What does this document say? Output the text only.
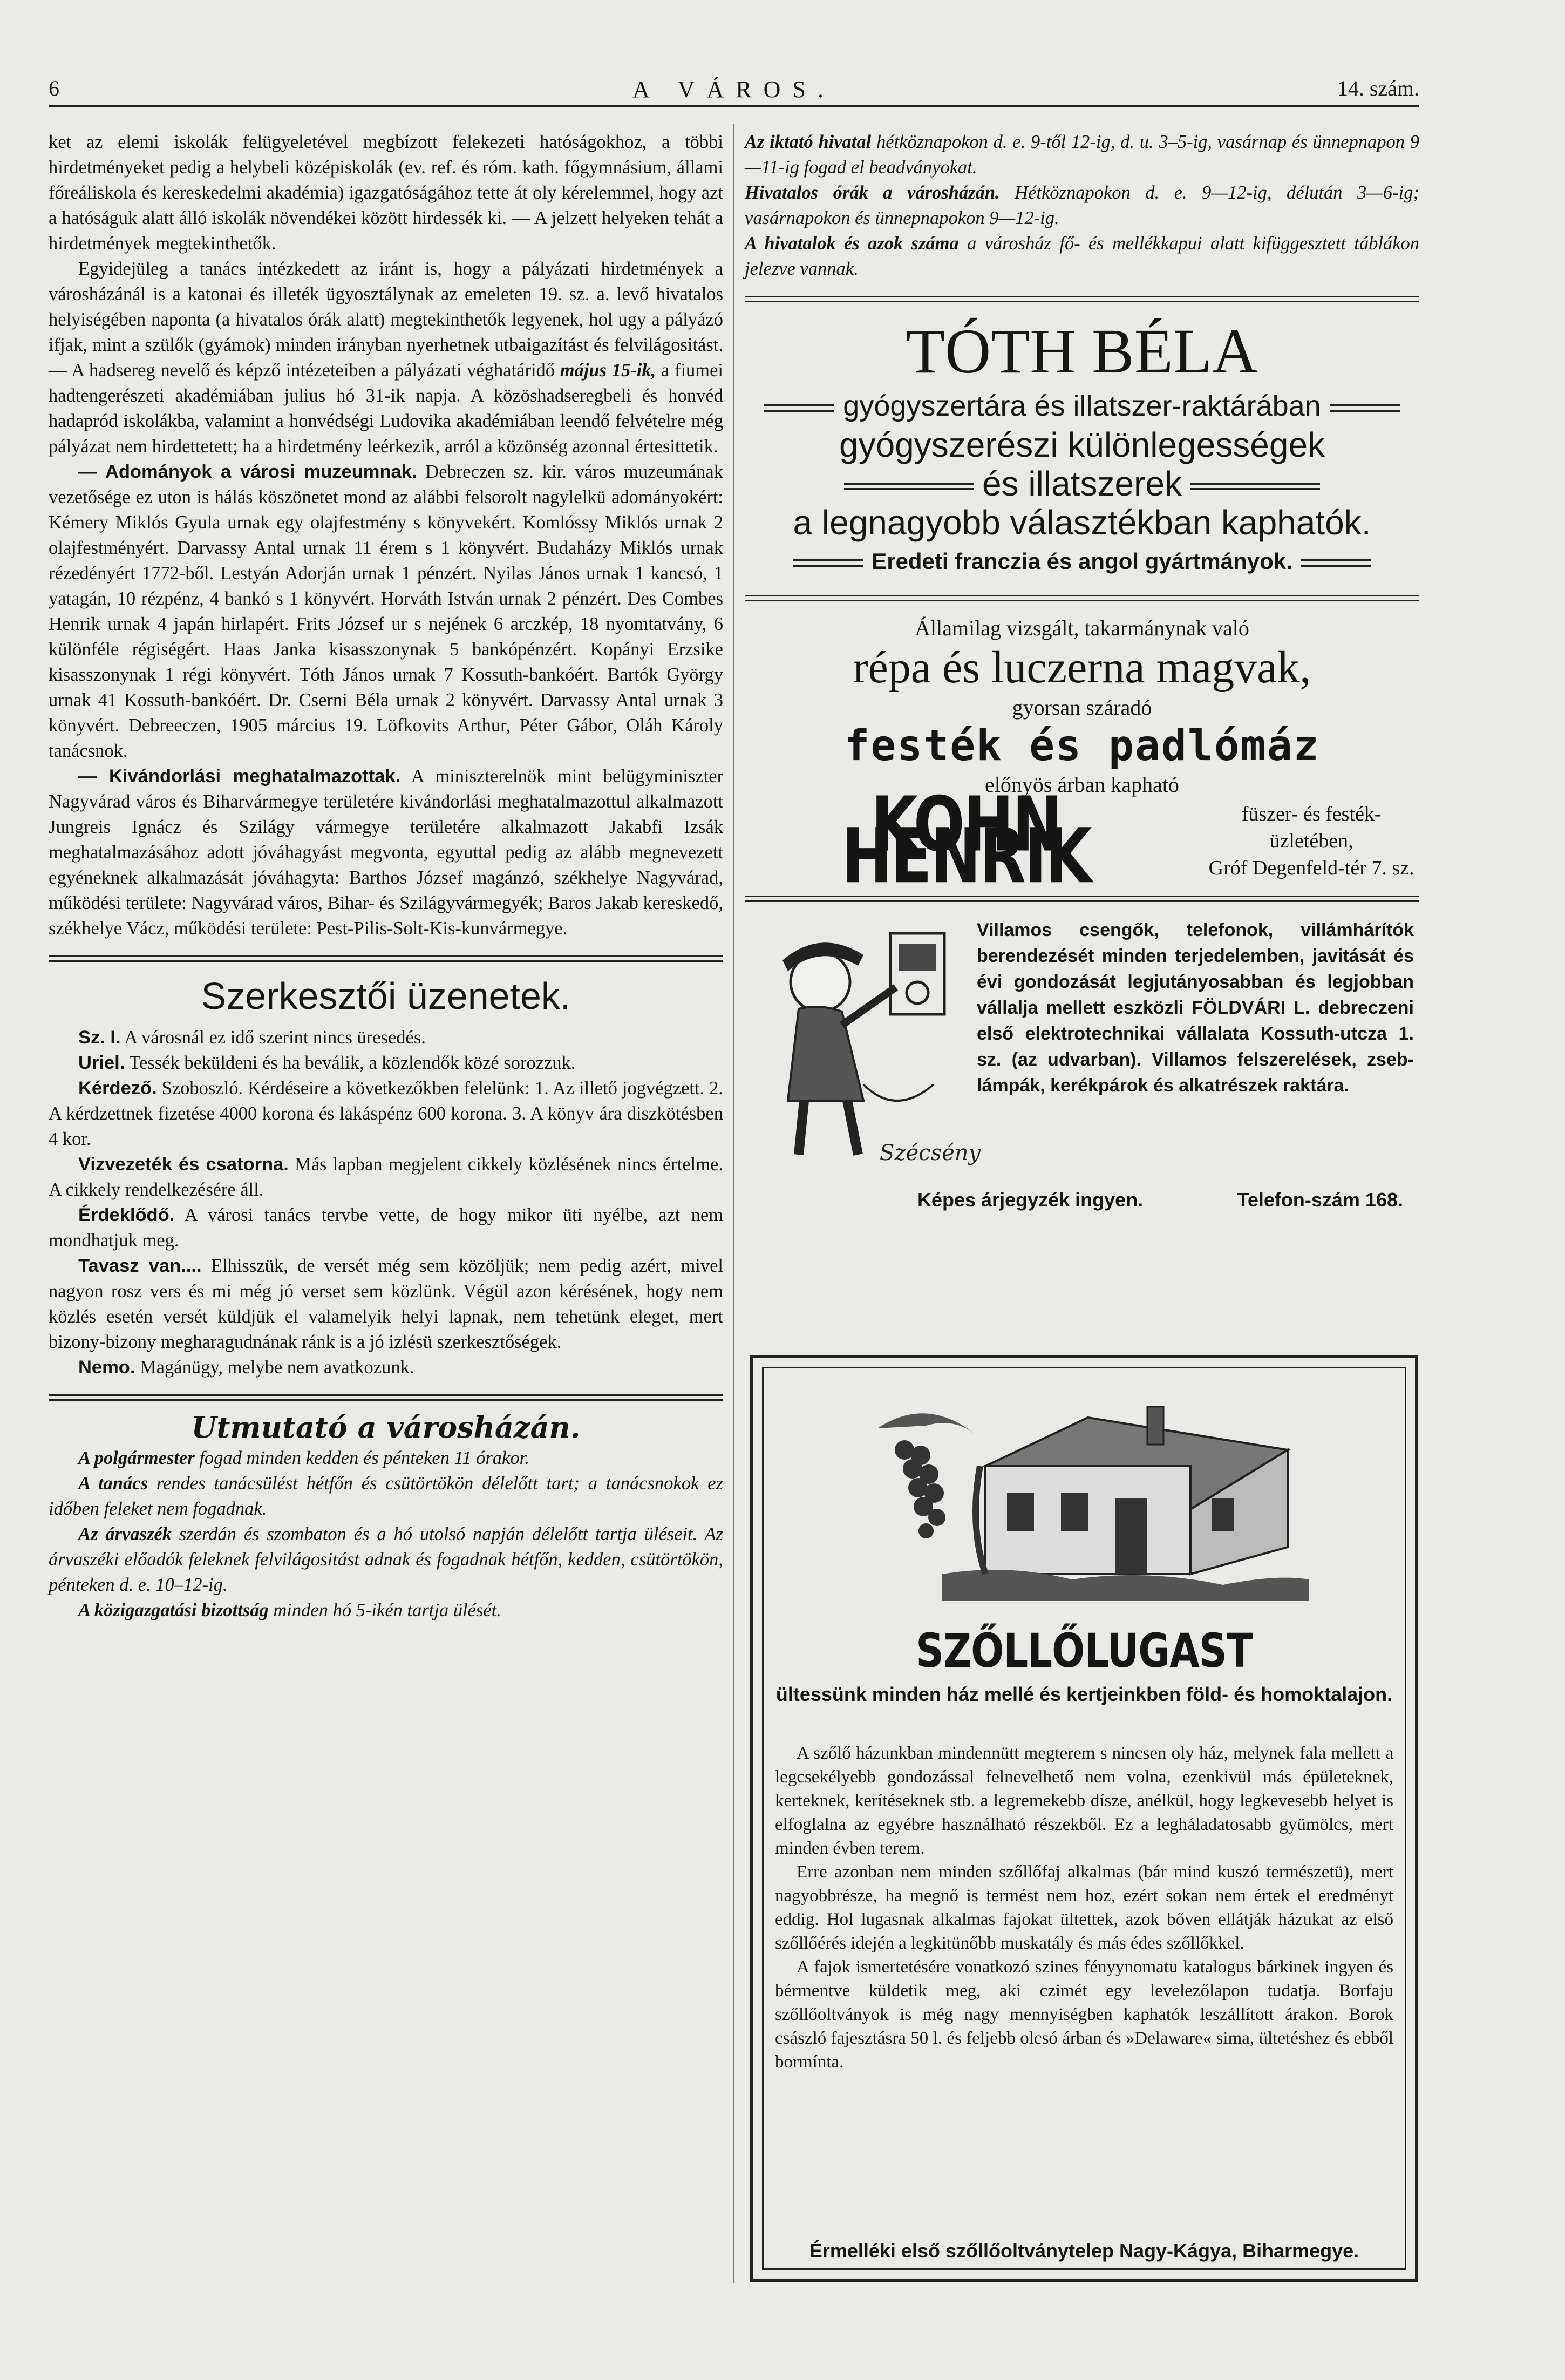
6	A VÁROS.	14. szám.

ket az elemi iskolák felügyeletével megbízott felekezeti hatóságokhoz, a többi hirdetményeket pedig a helybeli középiskolák (ev. ref. és róm. kath. főgymnásium, állami főreáliskola és kereskedelmi akadémia) igazgatóságához tette át oly kérelemmel, hogy azt a hatóságuk alatt álló iskolák növendékei között hirdessék ki. — A jelzett helyeken tehát a hirdetmények megtekinthetők.

Egyidejüleg a tanács intézkedett az iránt is, hogy a pályázati hirdetmények a városházánál is a katonai és illeték ügyosztálynak az emeleten 19. sz. a. levő hivatalos helyiségében naponta (a hivatalos órák alatt) megtekinthetők legyenek, hol ugy a pályázó ifjak, mint a szülők (gyámok) minden irányban nyerhetnek utbaigazítást és felvilágositást. — A hadsereg nevelő és képző intézeteiben a pályázati véghatáridő május 15-ik, a fiumei hadtengerészeti akadémiában julius hó 31-ik napja. A közöshadseregbeli és honvéd hadapród iskolákba, valamint a honvédségi Ludovika akadémiában leendő felvételre még pályázat nem hirdettetett; ha a hirdetmény leérkezik, arról a közönség azonnal értesittetik.

— Adományok a városi muzeumnak. Debreczen sz. kir. város muzeumának vezetősége ez uton is hálás köszönetet mond az alábbi felsorolt nagylelkü adományokért: Kémery Miklós Gyula urnak egy olajfestmény s könyvekért. Komlóssy Miklós urnak 2 olajfestményért. Darvassy Antal urnak 11 érem s 1 könyvért. Budaházy Miklós urnak rézedényért 1772-ből. Lestyán Adorján urnak 1 pénzért. Nyilas János urnak 1 kancsó, 1 yatagán, 10 rézpénz, 4 bankó s 1 könyvért. Horváth István urnak 2 pénzért. Des Combes Henrik urnak 4 japán hirlapért. Frits József ur s nejének 6 arczkép, 18 nyomtatvány, 6 különféle régiségért. Haas Janka kisasszonynak 5 bankópénzért. Kopányi Erzsike kisasszonynak 1 régi könyvért. Tóth János urnak 7 Kossuth-bankóért. Bartók György urnak 41 Kossuth-bankóért. Dr. Cserni Béla urnak 2 könyvért. Darvassy Antal urnak 3 könyvért. Debreeczen, 1905 március 19. Löfkovits Arthur, Péter Gábor, Oláh Károly tanácsnok.

— Kivándorlási meghatalmazottak. A miniszterelnök mint belügyminiszter Nagyvárad város és Biharvármegye területére kivándorlási meghatalmazottul alkalmazott Jungreis Ignácz és Szilágy vármegye területére alkalmazott Jakabfi Izsák meghatalmazásához adott jóváhagyást megvonta, egyuttal pedig az alább megnevezett egyéneknek alkalmazását jóváhagyta: Barthos József magánzó, székhelye Nagyvárad, működési területe: Nagyvárad város, Bihar- és Szilágyvármegyék; Baros Jakab kereskedő, székhelye Vácz, működési területe: Pest-Pilis-Solt-Kis-kunvármegye.

Szerkesztői üzenetek.

Sz. I. A városnál ez idő szerint nincs üresedés.

Uriel. Tessék beküldeni és ha beválik, a közlendők közé sorozzuk.

Kérdező. Szoboszló. Kérdéseire a következőkben felelünk: 1. Az illető jogvégzett. 2. A kérdzettnek fizetése 4000 korona és lakáspénz 600 korona. 3. A könyv ára diszkötésben 4 kor.

Vizvezeték és csatorna. Más lapban megjelent cikkely közlésének nincs értelme. A cikkely rendelkezésére áll.

Érdeklődő. A városi tanács tervbe vette, de hogy mikor üti nyélbe, azt nem mondhatjuk meg.

Tavasz van.... Elhisszük, de versét még sem közöljük; nem pedig azért, mivel nagyon rosz vers és mi még jó verset sem közlünk. Végül azon kérésének, hogy nem közlés esetén versét küldjük el valamelyik helyi lapnak, nem tehetünk eleget, mert bizony-bizony megharagudnának ránk is a jó izlésü szerkesztőségek.

Nemo. Magánügy, melybe nem avatkozunk.

Utmutató a városházán.

A polgármester fogad minden kedden és pénteken 11 órakor.

A tanács rendes tanácsülést hétfőn és csütörtökön délelőtt tart; a tanácsnokok ez időben feleket nem fogadnak.

Az árvaszék szerdán és szombaton és a hó utolsó napján délelőtt tartja üléseit. Az árvaszéki előadók feleknek felvilágositást adnak és fogadnak hétfőn, kedden, csütörtökön, pénteken d. e. 10–12-ig.

A közigazgatási bizottság minden hó 5-ikén tartja ülését.

Az iktató hivatal hétköznapokon d. e. 9-től 12-ig, d. u. 3–5-ig, vasárnap és ünnepnapon 9—11-ig fogad el beadványokat.

Hivatalos órák a városházán. Hétköznapokon d. e. 9—12-ig, délután 3—6-ig; vasárnapokon és ünnepnapokon 9—12-ig.

A hivatalok és azok száma a városház fő- és mellékkapui alatt kifüggesztett táblákon jelezve vannak.

TÓTH BÉLA
gyógyszertára és illatszer-raktárában
gyógyszerészi különlegességek
és illatszerek
a legnagyobb választékban kaphatók.
Eredeti franczia és angol gyártmányok.
Államilag vizsgált, takarmánynak való
répa és luczerna magvak,
gyorsan száradó
festék és padlómáz
előnyös árban kapható
KOHN HENRIK	füszer- és festék-üzletében,
Gróf Degenfeld-tér 7. sz.
Szécsény
Villamos csengők, telefonok, villámhárítók berendezését minden terjedelemben, javitását és évi gondozását legjutányosabban és legjobban vállalja mellett eszközli FÖLDVÁRI L. debreczeni első elektrotechnikai vállalata Kossuth-utcza 1. sz. (az udvarban). Villamos felszerelések, zseb-lámpák, kerékpárok és alkatrészek raktára.
Képes árjegyzék ingyen.	Telefon-szám 168.
SZŐLLŐLUGAST
ültessünk minden ház mellé és kertjeinkben föld- és homoktalajon.

A szőlő házunkban mindennütt megterem s nincsen oly ház, melynek fala mellett a legcsekélyebb gondozással felnevelhető nem volna, ezenkivül más épületeknek, kerteknek, kerítéseknek stb. a legremekebb dísze, anélkül, hogy legkevesebb helyet is elfoglalna az egyébre használható részekből. Ez a legháladatosabb gyümölcs, mert minden évben terem.

Erre azonban nem minden szőllőfaj alkalmas (bár mind kuszó természetü), mert nagyobbrésze, ha megnő is termést nem hoz, ezért sokan nem értek el eredményt eddig. Hol lugasnak alkalmas fajokat ültettek, azok bőven ellátják házukat az első szőllőérés idején a legkitünőbb muskatály és más édes szőllőkkel.

A fajok ismertetésére vonatkozó szines fényynomatu katalogus bárkinek ingyen és bérmentve küldetik meg, aki czimét egy levelezőlapon tudatja. Borfaju szőllőoltványok is még nagy mennyiségben kaphatók leszállított árakon. Borok császló fajesztásra 50 l. és feljebb olcsó árban és »Delaware« sima, ültetéshez és ebből bormínta.

Érmelléki első szőllőoltványtelep Nagy-Kágya, Biharmegye.
